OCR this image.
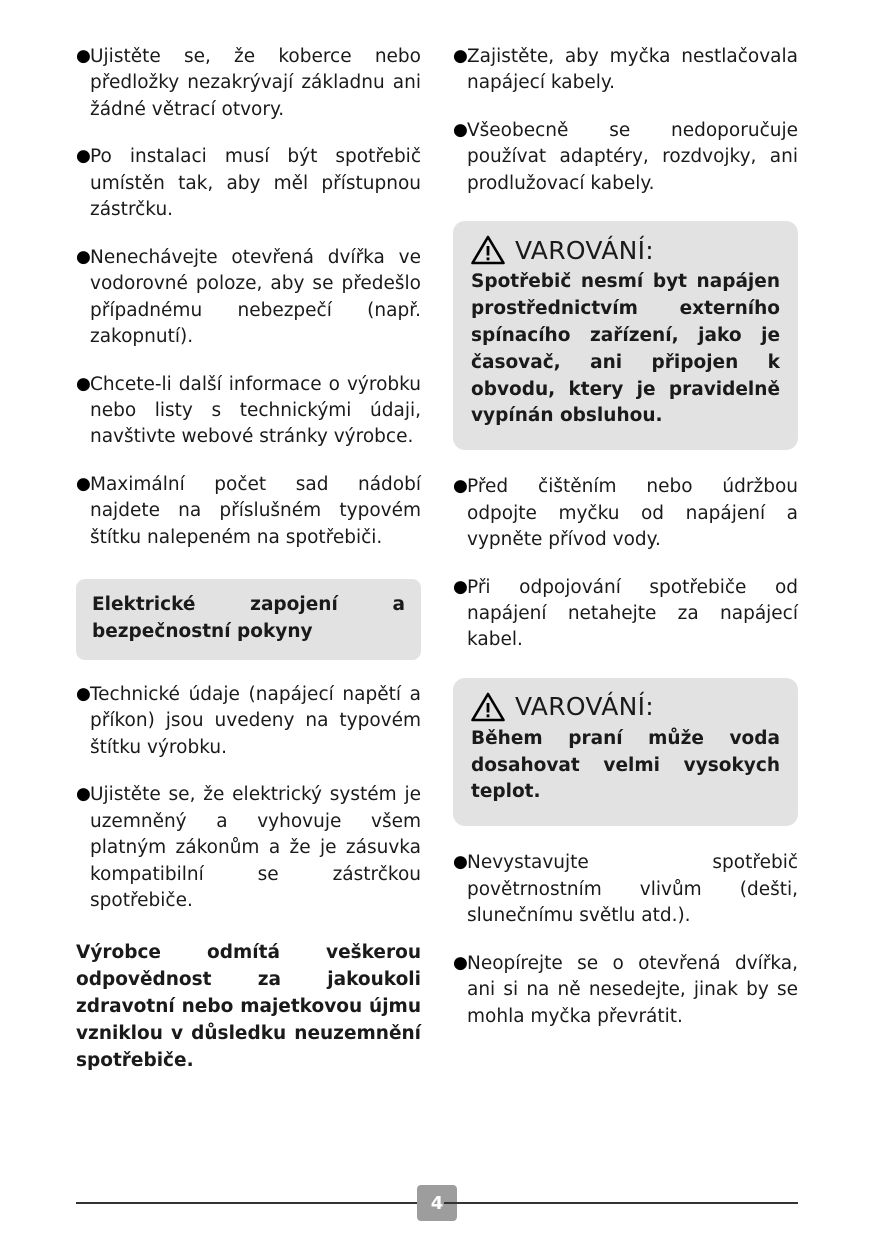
● Ujistěte se, že koberce nebo předložky nezakrývají základnu ani žádné větrací otvory.
● Po instalaci musí být spotřebič umístěn tak, aby měl přístupnou zástrčku.
● Nenechávejte otevřená dvířka ve vodorovné poloze, aby se předešlo případnému nebezpečí (např. zakopnutí).
● Chcete-li další informace o výrobku nebo listy s technickými údaji, navštivte webové stránky výrobce.
● Maximální počet sad nádobí najdete na příslušném typovém štítku nalepeném na spotřebiči.
Elektrické zapojení a bezpečnostní pokyny
● Technické údaje (napájecí napětí a příkon) jsou uvedeny na typovém štítku výrobku.
● Ujistěte se, že elektrický systém je uzemněný a vyhovuje všem platným zákonům a že je zásuvka kompatibilní se zástrčkou spotřebiče.
Výrobce odmítá veškerou odpovědnost za jakoukoli zdravotní nebo majetkovou újmu vzniklou v důsledku neuzemnění spotřebiče.
● Zajistěte, aby myčka nestlačovala napájecí kabely.
● Všeobecně se nedoporučuje používat adaptéry, rozdvojky, ani prodlužovací kabely.
VAROVÁNÍ:
Spotřebič nesmí byt napájen prostřednictvím externího spínacího zařízení, jako je časovač, ani připojen k obvodu, ktery je pravidelně vypínán obsluhou.
● Před čištěním nebo údržbou odpojte myčku od napájení a vypněte přívod vody.
● Při odpojování spotřebiče od napájení netahejte za napájecí kabel.
VAROVÁNÍ:
Během praní může voda dosahovat velmi vysokych teplot.
● Nevystavujte spotřebič povětrnostním vlivům (dešti, slunečnímu světlu atd.).
● Neopírejte se o otevřená dvířka, ani si na ně nesedejte, jinak by se mohla myčka převrátit.
4
